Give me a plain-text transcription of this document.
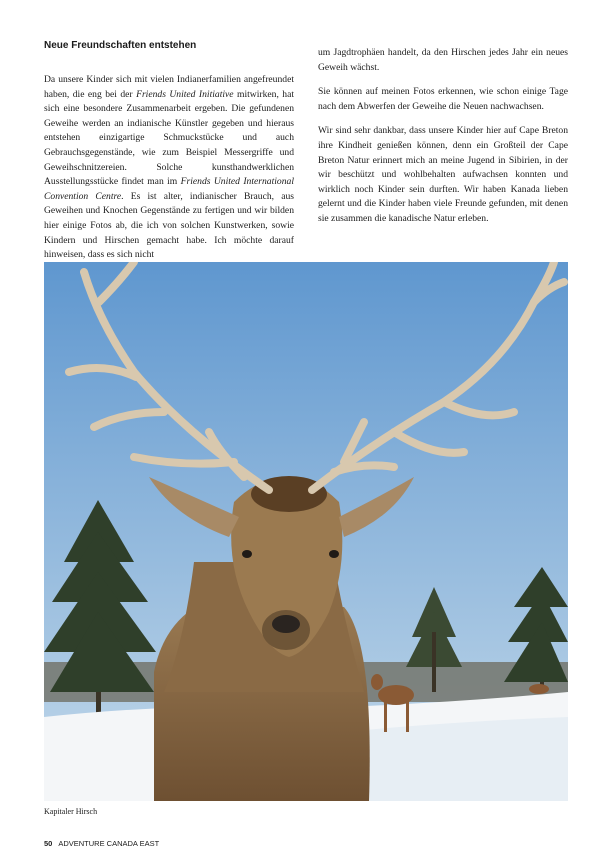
Neue Freundschaften entstehen

Da unsere Kinder sich mit vielen Indianerfamilien angefreundet haben, die eng bei der Friends United Initiative mitwirken, hat sich eine besondere Zusammenarbeit ergeben. Die gefundenen Geweihe werden an indianische Künstler gegeben und hieraus entstehen einzigartige Schmuckstücke und auch Gebrauchsgegenstände, wie zum Beispiel Messergriffe und Geweihschnitzereien. Solche kunsthandwerklichen Ausstellungsstücke findet man im Friends United International Convention Centre. Es ist alter, indianischer Brauch, aus Geweihen und Knochen Gegenstände zu fertigen und wir bilden hier einige Fotos ab, die ich von solchen Kunstwerken, sowie Kindern und Hirschen gemacht habe. Ich möchte darauf hinweisen, dass es sich nicht

um Jagdtrophäen handelt, da den Hirschen jedes Jahr ein neues Geweih wächst.

Sie können auf meinen Fotos erkennen, wie schon einige Tage nach dem Abwerfen der Geweihe die Neuen nachwachsen.

Wir sind sehr dankbar, dass unsere Kinder hier auf Cape Breton ihre Kindheit genießen können, denn ein Großteil der Cape Breton Natur erinnert mich an meine Jugend in Sibirien, in der wir beschützt und wohlbehalten aufwachsen konnten und wirklich noch Kinder sein durften. Wir haben Kanada lieben gelernt und die Kinder haben viele Freunde gefunden, mit denen sie zusammen die kanadische Natur erleben.

Kapitaler Hirsch

50 ADVENTURE CANADA EAST
